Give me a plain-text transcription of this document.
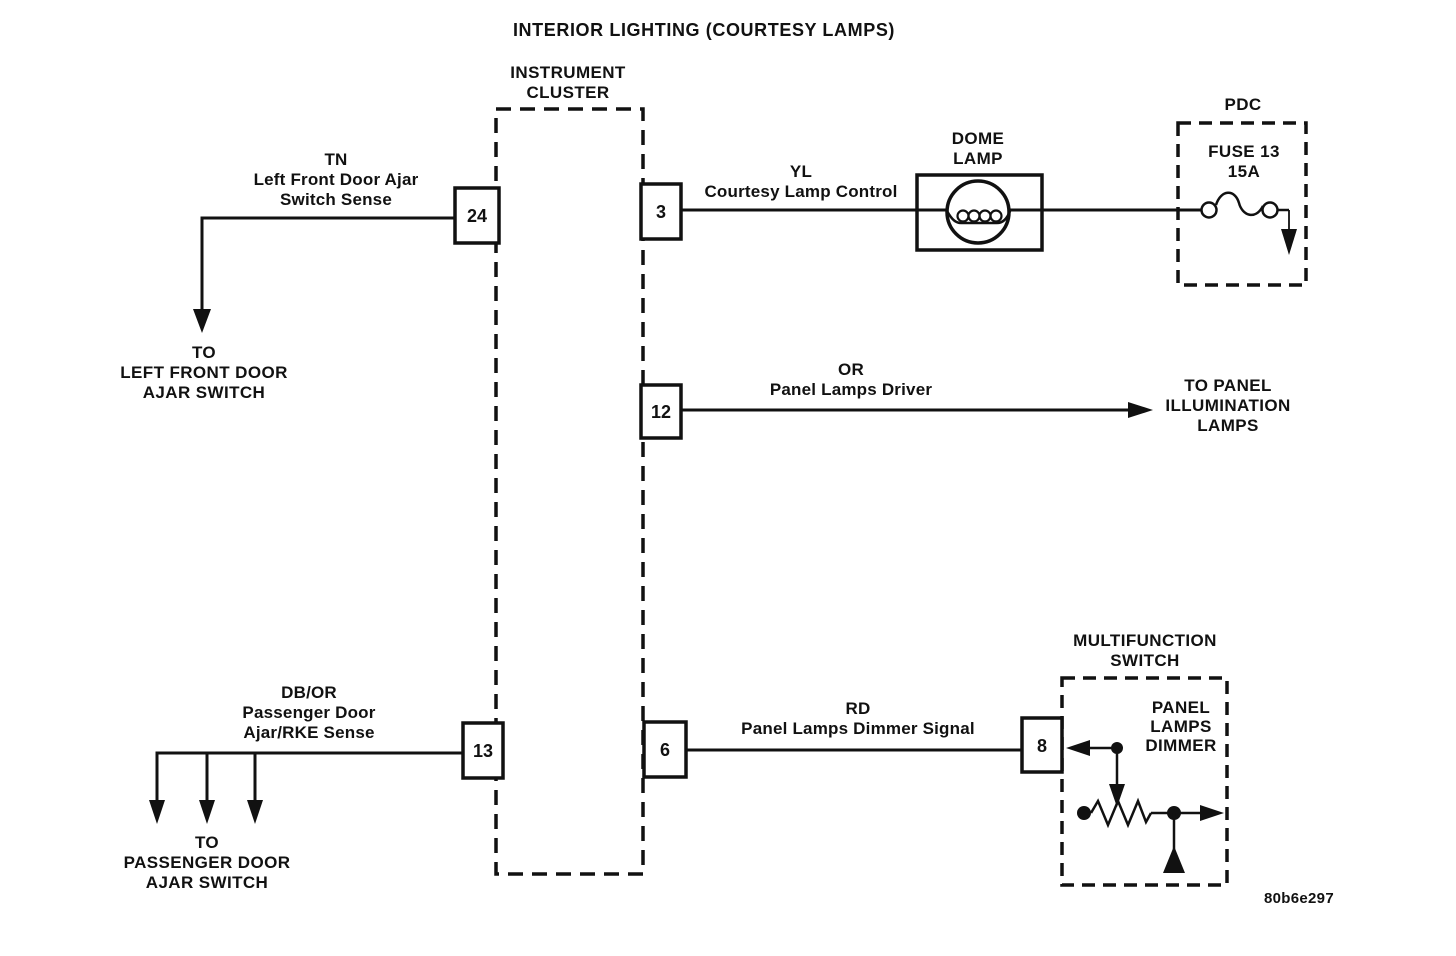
INTERIOR LIGHTING (COURTESY LAMPS)
INSTRUMENT
CLUSTER
TN
Left Front Door Ajar
Switch Sense
TO
LEFT FRONT DOOR
AJAR SWITCH
YL
Courtesy Lamp Control
DOME
LAMP
PDC
FUSE 13
15A
OR
Panel Lamps Driver	TO PANEL
ILLUMINATION
LAMPS
DB/OR
Passenger Door
Ajar/RKE Sense
TO
PASSENGER DOOR
AJAR SWITCH
RD
Panel Lamps Dimmer Signal
MULTIFUNCTION
SWITCH
PANEL
LAMPS
DIMMER
24	3
12
13	6	8
80b6e297
